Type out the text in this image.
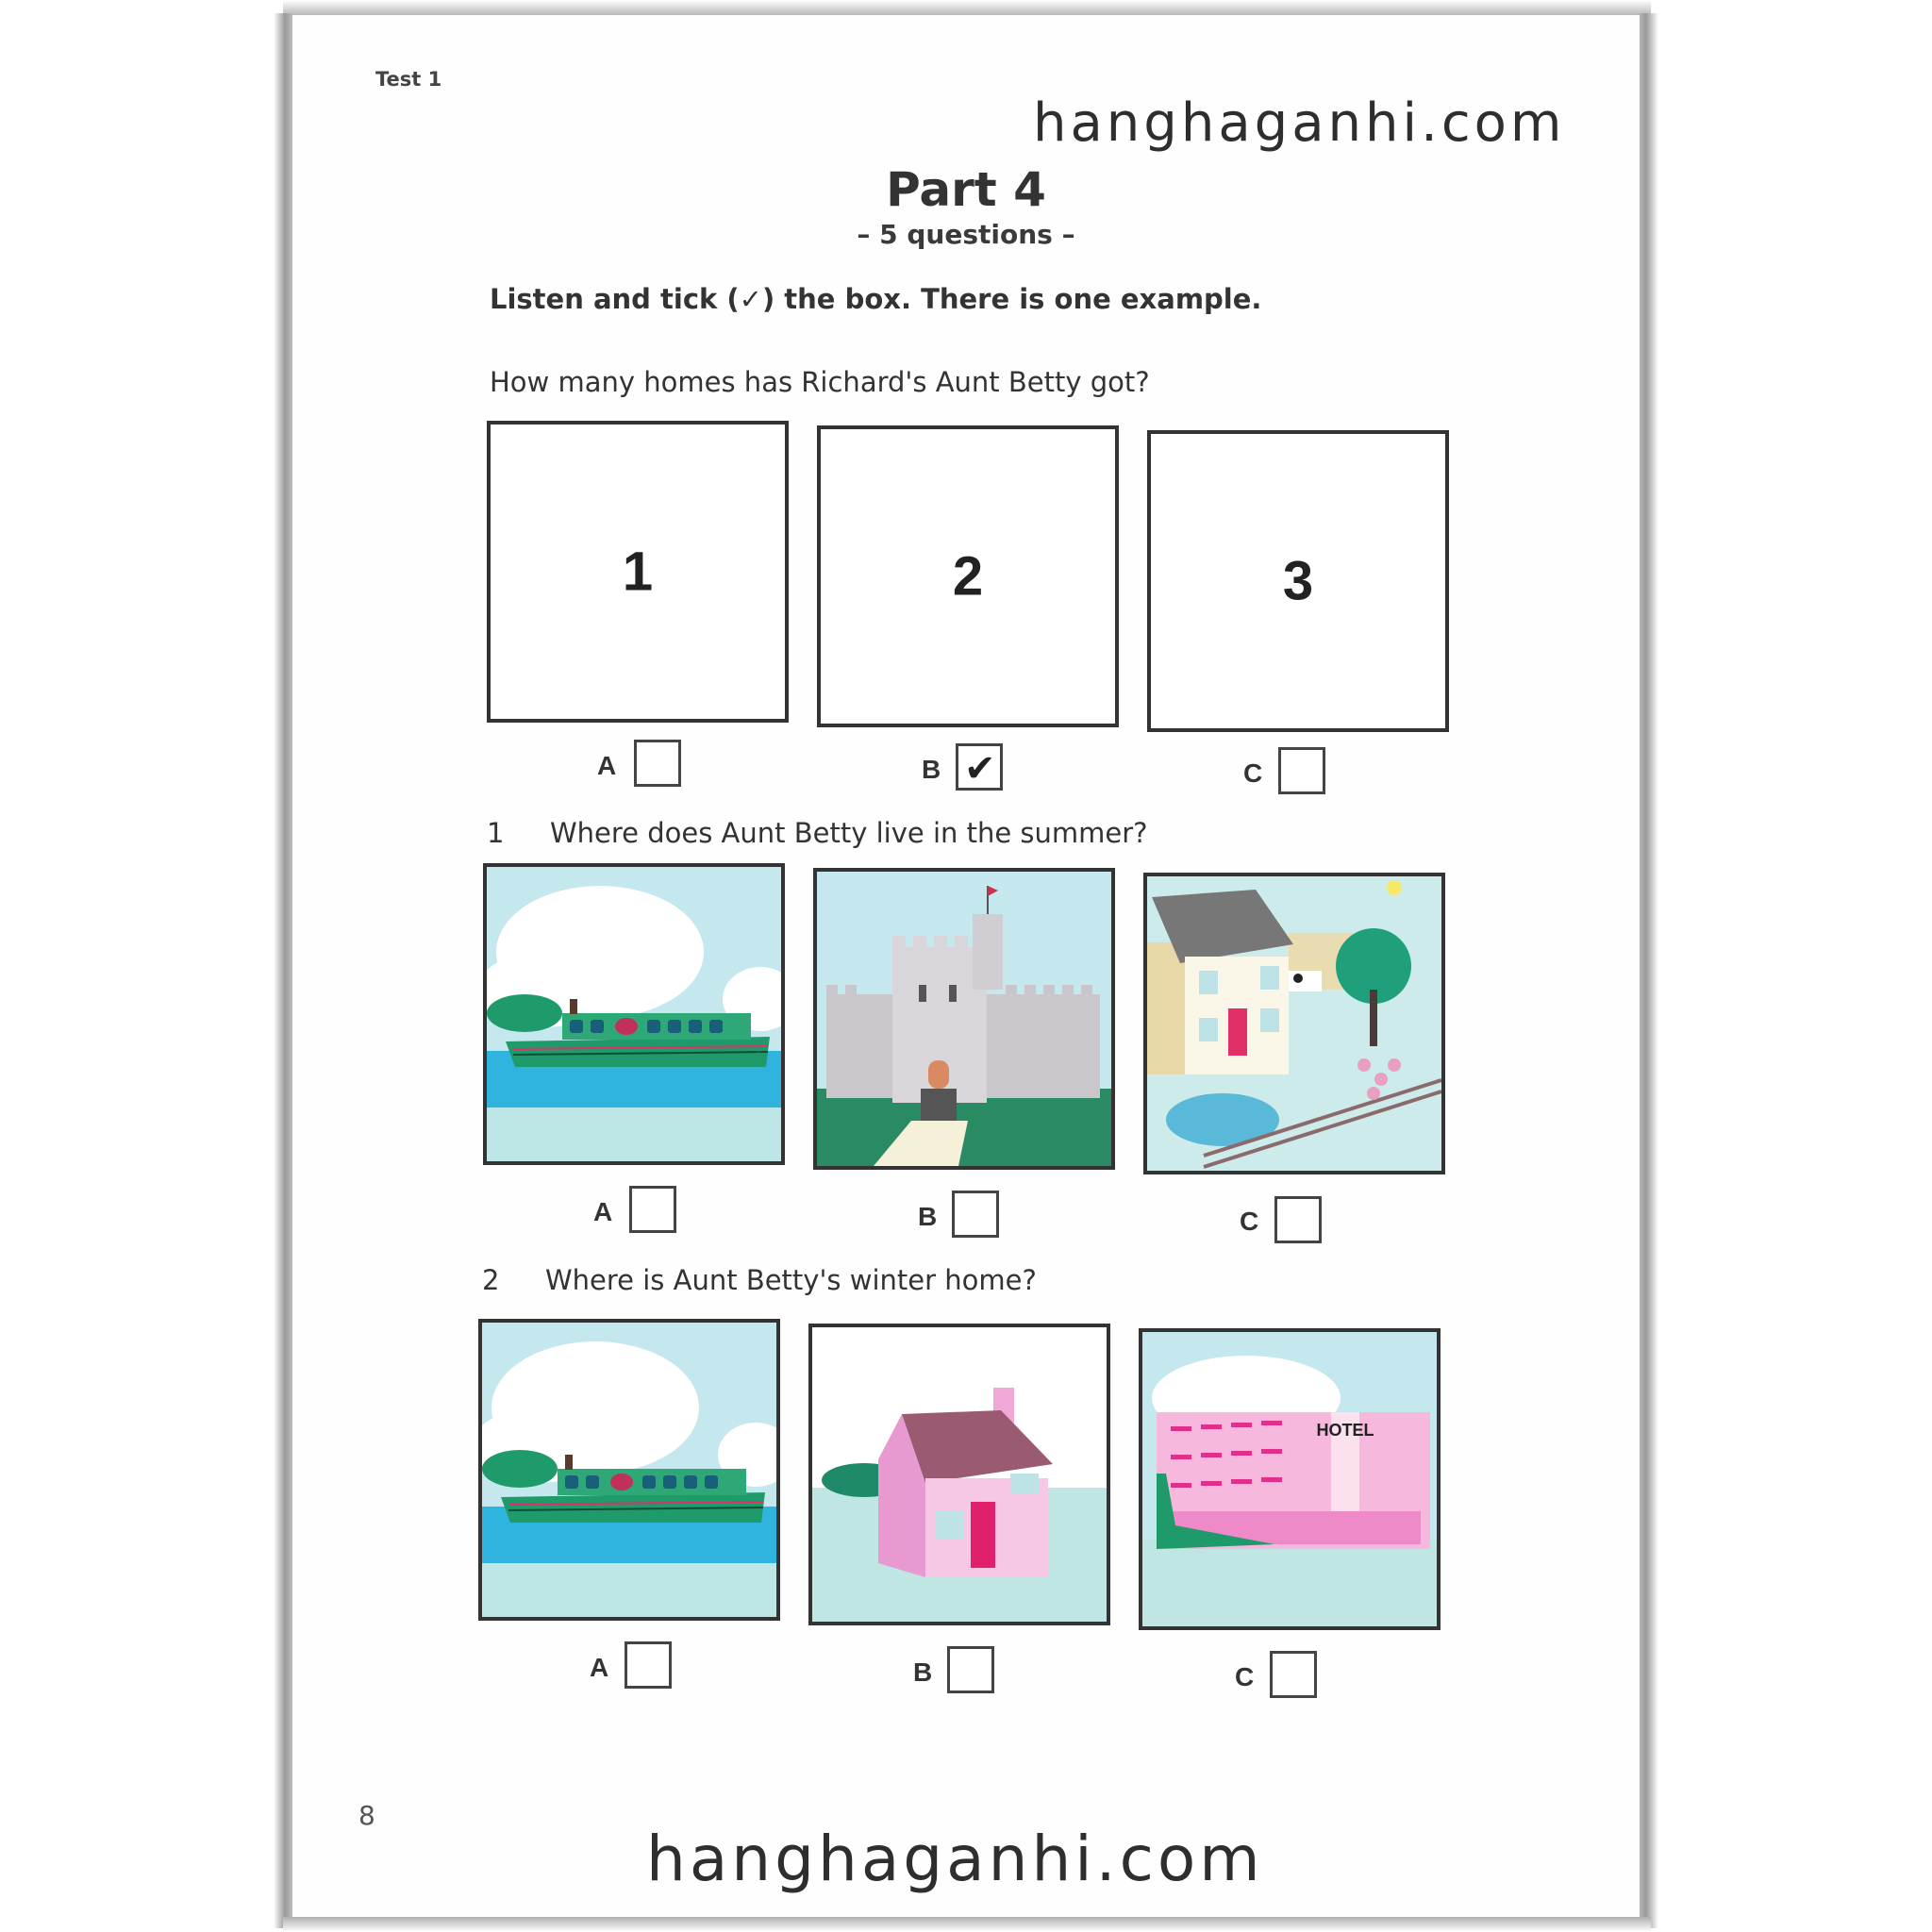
Test 1
hanghaganhi.com
Part 4
– 5 questions –
Listen and tick (✓) the box. There is one example.
How many homes has Richard's Aunt Betty got?
1	2	3
A	B ✔	C
1 Where does Aunt Betty live in the summer?
A	B	C
2 Where is Aunt Betty's winter home?
HOTEL
A	B	C
8
hanghaganhi.com
